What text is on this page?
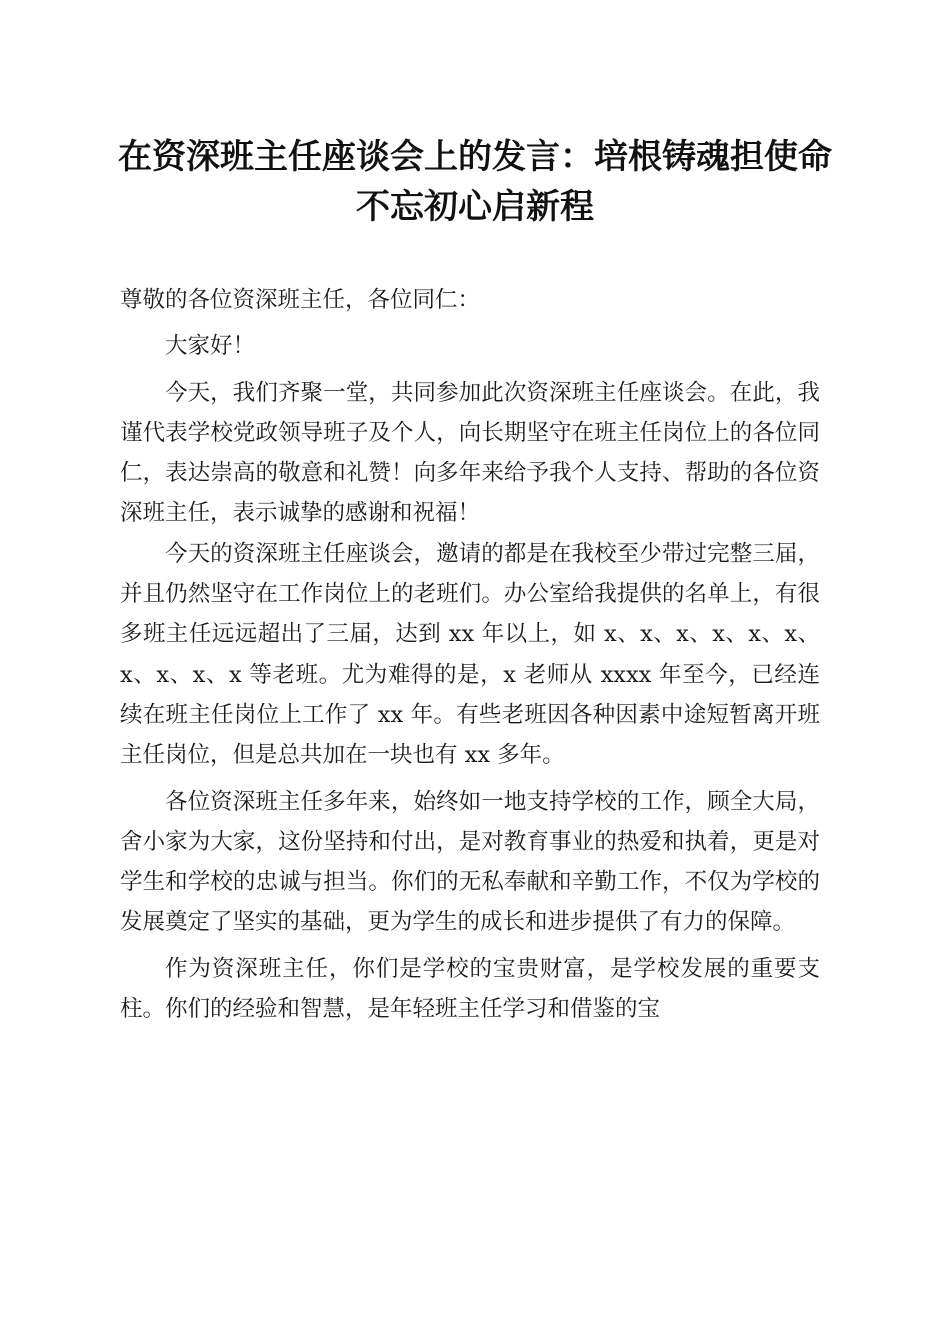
在资深班主任座谈会上的发言：培根铸魂担使命不忘初心启新程

尊敬的各位资深班主任，各位同仁：

大家好！

今天，我们齐聚一堂，共同参加此次资深班主任座谈会。在此，我谨代表学校党政领导班子及个人，向长期坚守在班主任岗位上的各位同仁，表达崇高的敬意和礼赞！向多年来给予我个人支持、帮助的各位资深班主任，表示诚挚的感谢和祝福！

今天的资深班主任座谈会，邀请的都是在我校至少带过完整三届，并且仍然坚守在工作岗位上的老班们。办公室给我提供的名单上，有很多班主任远远超出了三届，达到 xx 年以上，如 x、x、x、x、x、x、x、x、x、x 等老班。尤为难得的是，x 老师从 xxxx 年至今，已经连续在班主任岗位上工作了 xx 年。有些老班因各种因素中途短暂离开班主任岗位，但是总共加在一块也有 xx 多年。

各位资深班主任多年来，始终如一地支持学校的工作，顾全大局，舍小家为大家，这份坚持和付出，是对教育事业的热爱和执着，更是对学生和学校的忠诚与担当。你们的无私奉献和辛勤工作，不仅为学校的发展奠定了坚实的基础，更为学生的成长和进步提供了有力的保障。

作为资深班主任，你们是学校的宝贵财富，是学校发展的重要支柱。你们的经验和智慧，是年轻班主任学习和借鉴的宝
